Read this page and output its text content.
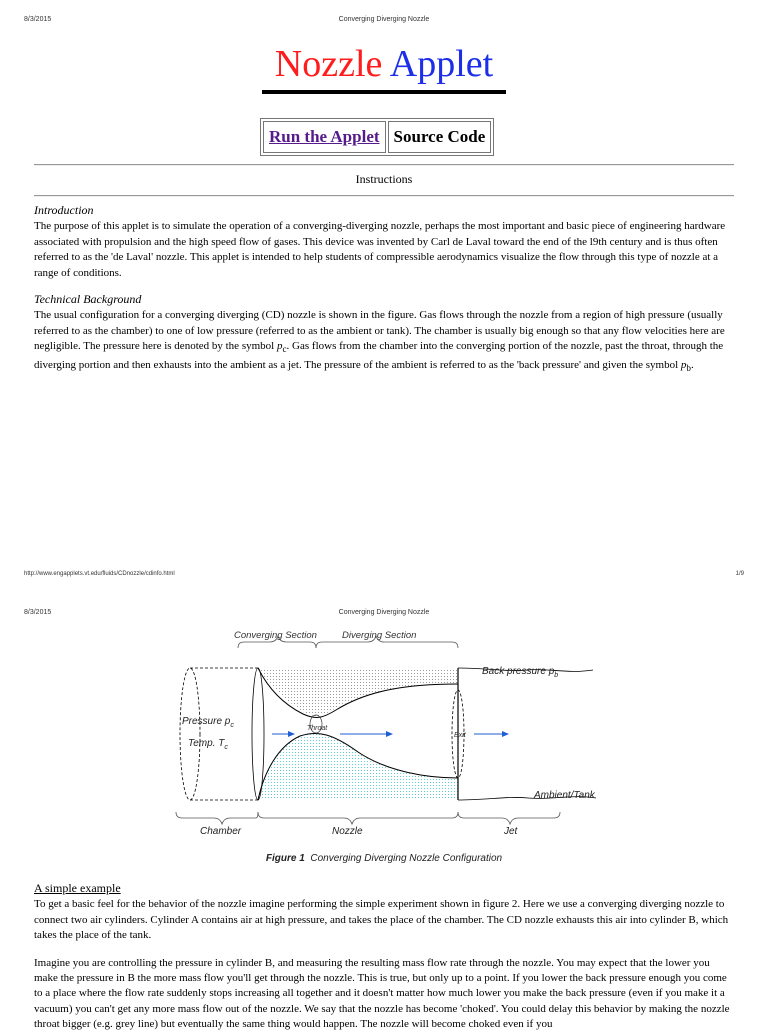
8/3/2015	Converging Diverging Nozzle
Nozzle Applet
Run the Applet	Source Code
Instructions
Introduction

The purpose of this applet is to simulate the operation of a converging-diverging nozzle, perhaps the most important and basic piece of engineering hardware associated with propulsion and the high speed flow of gases. This device was invented by Carl de Laval toward the end of the l9th century and is thus often referred to as the 'de Laval' nozzle. This applet is intended to help students of compressible aerodynamics visualize the flow through this type of nozzle at a range of conditions.

Technical Background

The usual configuration for a converging diverging (CD) nozzle is shown in the figure. Gas flows through the nozzle from a region of high pressure (usually referred to as the chamber) to one of low pressure (referred to as the ambient or tank). The chamber is usually big enough so that any flow velocities here are negligible. The pressure here is denoted by the symbol $p_c$. Gas flows from the chamber into the converging portion of the nozzle, past the throat, through the diverging portion and then exhausts into the ambient as a jet. The pressure of the ambient is referred to as the 'back pressure' and given the symbol $p_b$.

http://www.engapplets.vt.edu/fluids/CDnozzle/cdinfo.html	1/9
8/3/2015	Converging Diverging Nozzle
Converging Section	Diverging Section
Pressure $p_c$
Temp. $T_c$
Throat
Exit
Back pressure $p_b$
Ambient/Tank
Chamber	Nozzle	Jet
Figure 1 Converging Diverging Nozzle Configuration
A simple example

To get a basic feel for the behavior of the nozzle imagine performing the simple experiment shown in figure 2. Here we use a converging diverging nozzle to connect two air cylinders. Cylinder A contains air at high pressure, and takes the place of the chamber. The CD nozzle exhausts this air into cylinder B, which takes the place of the tank.

Imagine you are controlling the pressure in cylinder B, and measuring the resulting mass flow rate through the nozzle. You may expect that the lower you make the pressure in B the more mass flow you'll get through the nozzle. This is true, but only up to a point. If you lower the back pressure enough you come to a place where the flow rate suddenly stops increasing all together and it doesn't matter how much lower you make the back pressure (even if you make it a vacuum) you can't get any more mass flow out of the nozzle. We say that the nozzle has become 'choked'. You could delay this behavior by making the nozzle throat bigger (e.g. grey line) but eventually the same thing would happen. The nozzle will become choked even if you
